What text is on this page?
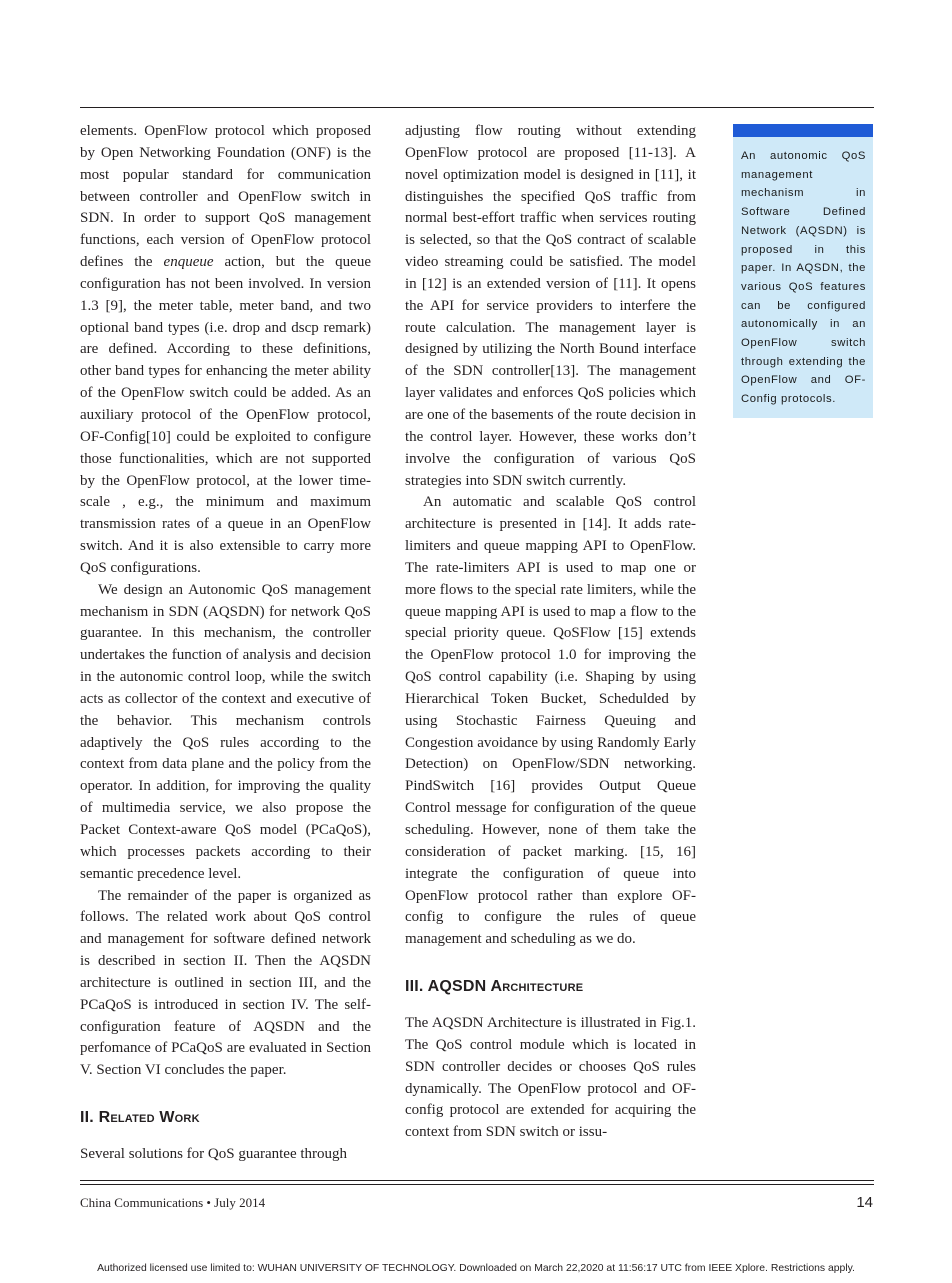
elements. OpenFlow protocol which proposed by Open Networking Foundation (ONF) is the most popular standard for communication between controller and OpenFlow switch in SDN. In order to support QoS management functions, each version of OpenFlow protocol defines the enqueue action, but the queue configuration has not been involved. In version 1.3 [9], the meter table, meter band, and two optional band types (i.e. drop and dscp remark) are defined. According to these definitions, other band types for enhancing the meter ability of the OpenFlow switch could be added. As an auxiliary protocol of the OpenFlow protocol, OF-Config[10] could be exploited to configure those functionalities, which are not supported by the OpenFlow protocol, at the lower time-scale , e.g., the minimum and maximum transmission rates of a queue in an OpenFlow switch. And it is also extensible to carry more QoS configurations.

We design an Autonomic QoS management mechanism in SDN (AQSDN) for network QoS guarantee. In this mechanism, the controller undertakes the function of analysis and decision in the autonomic control loop, while the switch acts as collector of the context and executive of the behavior. This mechanism controls adaptively the QoS rules according to the context from data plane and the policy from the operator. In addition, for improving the quality of multimedia service, we also propose the Packet Context-aware QoS model (PCaQoS), which processes packets according to their semantic precedence level.

The remainder of the paper is organized as follows. The related work about QoS control and management for software defined network is described in section II. Then the AQSDN architecture is outlined in section III, and the PCaQoS is introduced in section IV. The self-configuration feature of AQSDN and the perfomance of PCaQoS are evaluated in Section V. Section VI concludes the paper.

II. Related Work

Several solutions for QoS guarantee through

adjusting flow routing without extending OpenFlow protocol are proposed [11-13]. A novel optimization model is designed in [11], it distinguishes the specified QoS traffic from normal best-effort traffic when services routing is selected, so that the QoS contract of scalable video streaming could be satisfied. The model in [12] is an extended version of [11]. It opens the API for service providers to interfere the route calculation. The management layer is designed by utilizing the North Bound interface of the SDN controller[13]. The management layer validates and enforces QoS policies which are one of the basements of the route decision in the control layer. However, these works don’t involve the configuration of various QoS strategies into SDN switch currently.

An automatic and scalable QoS control architecture is presented in [14]. It adds rate-limiters and queue mapping API to OpenFlow. The rate-limiters API is used to map one or more flows to the special rate limiters, while the queue mapping API is used to map a flow to the special priority queue. QoSFlow [15] extends the OpenFlow protocol 1.0 for improving the QoS control capability (i.e. Shaping by using Hierarchical Token Bucket, Schedulded by using Stochastic Fairness Queuing and Congestion avoidance by using Randomly Early Detection) on OpenFlow/SDN networking. PindSwitch [16] provides Output Queue Control message for configuration of the queue scheduling. However, none of them take the consideration of packet marking. [15, 16] integrate the configuration of queue into OpenFlow protocol rather than explore OF-config to configure the rules of queue management and scheduling as we do.

III. AQSDN Architecture

The AQSDN Architecture is illustrated in Fig.1. The QoS control module which is located in SDN controller decides or chooses QoS rules dynamically. The OpenFlow protocol and OF-config protocol are extended for acquiring the context from SDN switch or issu-

An autonomic QoS management mechanism in Software Defined Network (AQSDN) is proposed in this paper. In AQSDN, the various QoS features can be configured autonomically in an OpenFlow switch through extending the OpenFlow and OF-Config protocols.
China Communications • July 2014	14
Authorized licensed use limited to: WUHAN UNIVERSITY OF TECHNOLOGY. Downloaded on March 22,2020 at 11:56:17 UTC from IEEE Xplore. Restrictions apply.
